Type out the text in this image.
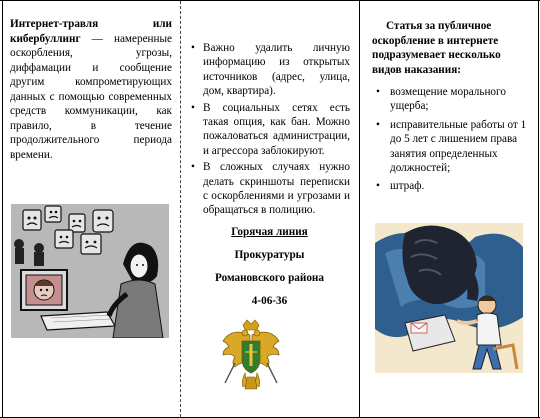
Интернет-травля или кибербуллинг — намеренные оскорбления, угрозы, диффамации и сообщение другим компрометирующих данных с помощью современных средств коммуникации, как правило, в течение продолжительного периода времени.

• Важно удалить личную информацию из открытых источников (адрес, улица, дом, квартира).
• В социальных сетях есть такая опция, как бан. Можно пожаловаться администрации, и агрессора заблокируют.
• В сложных случаях нужно делать скриншоты переписки с оскорблениями и угрозами и обращаться в полицию.
Горячая линия
Прокуратуры
Романовского района
4-06-36

Статья за публичное оскорбление в интернете подразумевает несколько видов наказания:

• возмещение морального ущерба;
• исправительные работы от 1 до 5 лет с лишением права занятия определенных должностей;
• штраф.
